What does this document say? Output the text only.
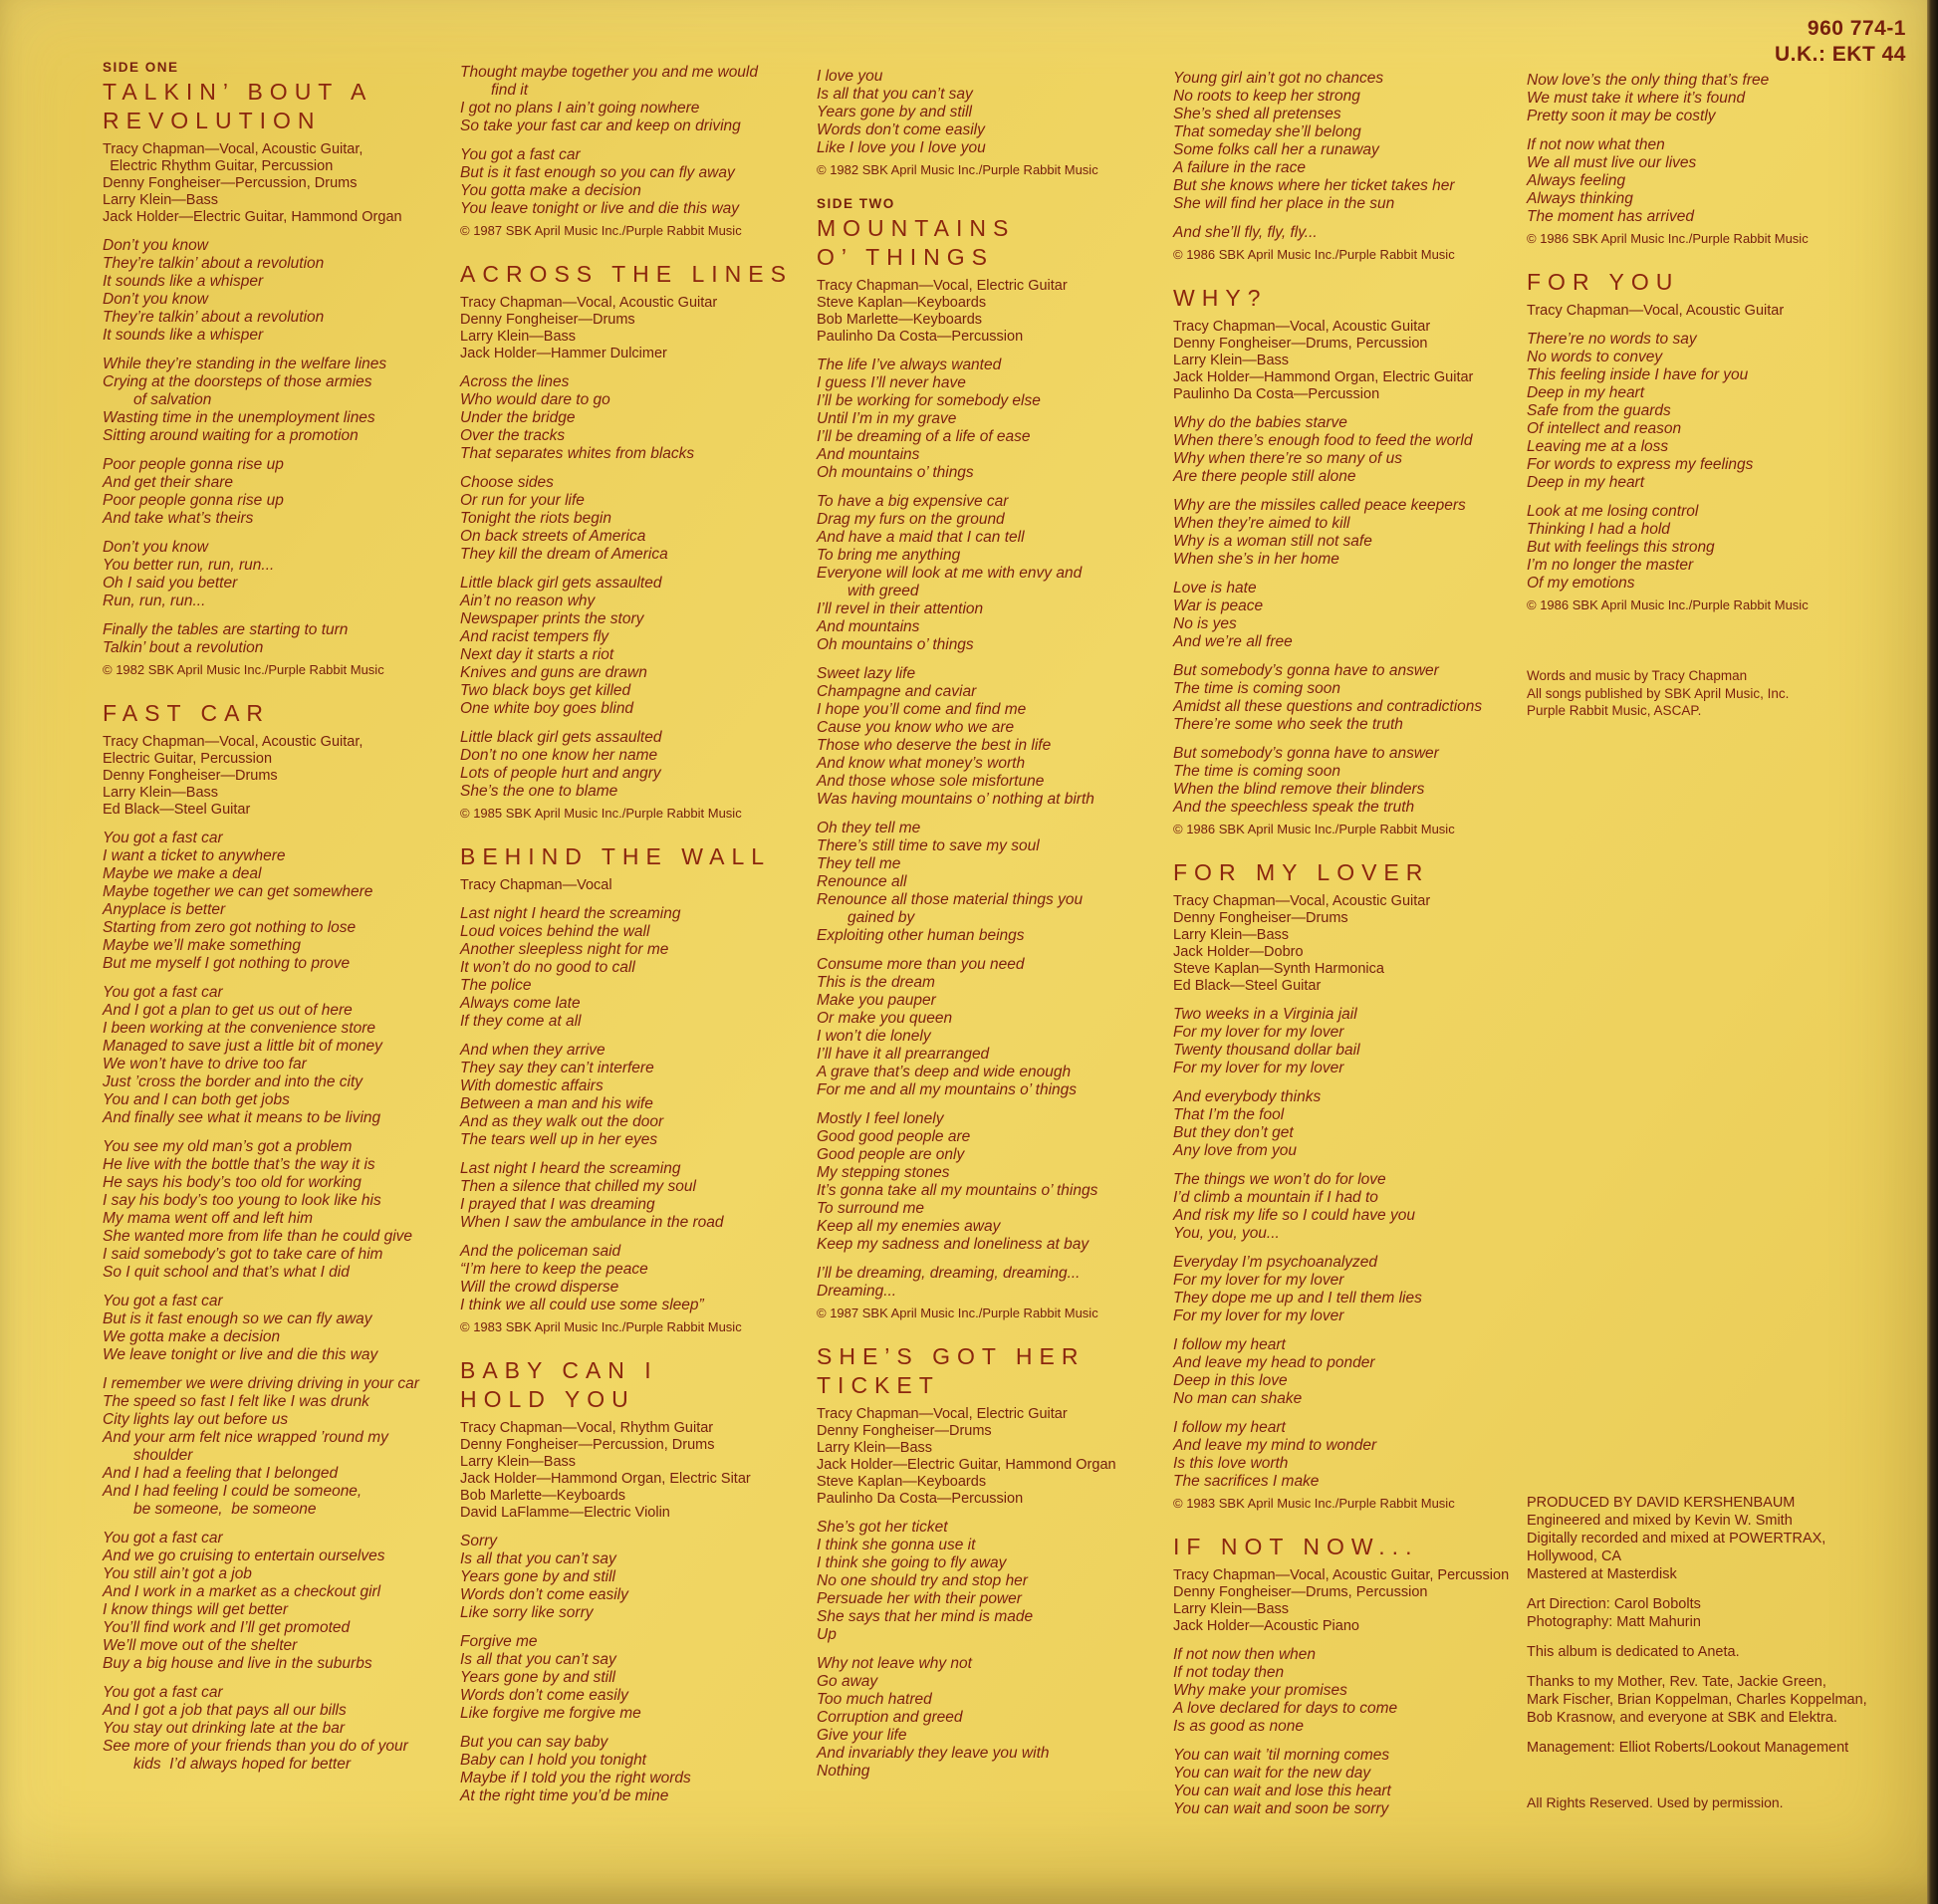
960 774-1
U.K.: EKT 44
SIDE ONE
TALKIN’ BOUT A
REVOLUTION
Tracy Chapman—Vocal, Acoustic Guitar,
 Electric Rhythm Guitar, Percussion
Denny Fongheiser—Percussion, Drums
Larry Klein—Bass
Jack Holder—Electric Guitar, Hammond Organ
Don’t you know
They’re talkin’ about a revolution
It sounds like a whisper
Don’t you know
They’re talkin’ about a revolution
It sounds like a whisper
While they’re standing in the welfare lines
Crying at the doorsteps of those armies
  of salvation
Wasting time in the unemployment lines
Sitting around waiting for a promotion
Poor people gonna rise up
And get their share
Poor people gonna rise up
And take what’s theirs
Don’t you know
You better run, run, run...
Oh I said you better
Run, run, run...
Finally the tables are starting to turn
Talkin’ bout a revolution
© 1982 SBK April Music Inc./Purple Rabbit Music
FAST CAR
Tracy Chapman—Vocal, Acoustic Guitar,
Electric Guitar, Percussion
Denny Fongheiser—Drums
Larry Klein—Bass
Ed Black—Steel Guitar
You got a fast car
I want a ticket to anywhere
Maybe we make a deal
Maybe together we can get somewhere
Anyplace is better
Starting from zero got nothing to lose
Maybe we’ll make something
But me myself I got nothing to prove
You got a fast car
And I got a plan to get us out of here
I been working at the convenience store
Managed to save just a little bit of money
We won’t have to drive too far
Just ’cross the border and into the city
You and I can both get jobs
And finally see what it means to be living
You see my old man’s got a problem
He live with the bottle that’s the way it is
He says his body’s too old for working
I say his body’s too young to look like his
My mama went off and left him
She wanted more from life than he could give
I said somebody’s got to take care of him
So I quit school and that’s what I did
You got a fast car
But is it fast enough so we can fly away
We gotta make a decision
We leave tonight or live and die this way
I remember we were driving driving in your car
The speed so fast I felt like I was drunk
City lights lay out before us
And your arm felt nice wrapped ’round my
  shoulder
And I had a feeling that I belonged
And I had feeling I could be someone,
  be someone,  be someone
You got a fast car
And we go cruising to entertain ourselves
You still ain’t got a job
And I work in a market as a checkout girl
I know things will get better
You’ll find work and I’ll get promoted
We’ll move out of the shelter
Buy a big house and live in the suburbs
You got a fast car
And I got a job that pays all our bills
You stay out drinking late at the bar
See more of your friends than you do of your
  kids  I’d always hoped for better
Thought maybe together you and me would
  find it
I got no plans I ain’t going nowhere
So take your fast car and keep on driving
You got a fast car
But is it fast enough so you can fly away
You gotta make a decision
You leave tonight or live and die this way
© 1987 SBK April Music Inc./Purple Rabbit Music
ACROSS THE LINES
Tracy Chapman—Vocal, Acoustic Guitar
Denny Fongheiser—Drums
Larry Klein—Bass
Jack Holder—Hammer Dulcimer
Across the lines
Who would dare to go
Under the bridge
Over the tracks
That separates whites from blacks
Choose sides
Or run for your life
Tonight the riots begin
On back streets of America
They kill the dream of America
Little black girl gets assaulted
Ain’t no reason why
Newspaper prints the story
And racist tempers fly
Next day it starts a riot
Knives and guns are drawn
Two black boys get killed
One white boy goes blind
Little black girl gets assaulted
Don’t no one know her name
Lots of people hurt and angry
She’s the one to blame
© 1985 SBK April Music Inc./Purple Rabbit Music
BEHIND THE WALL
Tracy Chapman—Vocal
Last night I heard the screaming
Loud voices behind the wall
Another sleepless night for me
It won’t do no good to call
The police
Always come late
If they come at all
And when they arrive
They say they can’t interfere
With domestic affairs
Between a man and his wife
And as they walk out the door
The tears well up in her eyes
Last night I heard the screaming
Then a silence that chilled my soul
I prayed that I was dreaming
When I saw the ambulance in the road
And the policeman said
“I’m here to keep the peace
Will the crowd disperse
I think we all could use some sleep”
© 1983 SBK April Music Inc./Purple Rabbit Music
BABY CAN I
HOLD YOU
Tracy Chapman—Vocal, Rhythm Guitar
Denny Fongheiser—Percussion, Drums
Larry Klein—Bass
Jack Holder—Hammond Organ, Electric Sitar
Bob Marlette—Keyboards
David LaFlamme—Electric Violin
Sorry
Is all that you can’t say
Years gone by and still
Words don’t come easily
Like sorry like sorry
Forgive me
Is all that you can’t say
Years gone by and still
Words don’t come easily
Like forgive me forgive me
But you can say baby
Baby can I hold you tonight
Maybe if I told you the right words
At the right time you’d be mine
I love you
Is all that you can’t say
Years gone by and still
Words don’t come easily
Like I love you I love you
© 1982 SBK April Music Inc./Purple Rabbit Music
SIDE TWO
MOUNTAINS
O’ THINGS
Tracy Chapman—Vocal, Electric Guitar
Steve Kaplan—Keyboards
Bob Marlette—Keyboards
Paulinho Da Costa—Percussion
The life I’ve always wanted
I guess I’ll never have
I’ll be working for somebody else
Until I’m in my grave
I’ll be dreaming of a life of ease
And mountains
Oh mountains o’ things
To have a big expensive car
Drag my furs on the ground
And have a maid that I can tell
To bring me anything
Everyone will look at me with envy and
  with greed
I’ll revel in their attention
And mountains
Oh mountains o’ things
Sweet lazy life
Champagne and caviar
I hope you’ll come and find me
Cause you know who we are
Those who deserve the best in life
And know what money’s worth
And those whose sole misfortune
Was having mountains o’ nothing at birth
Oh they tell me
There’s still time to save my soul
They tell me
Renounce all
Renounce all those material things you
  gained by
Exploiting other human beings
Consume more than you need
This is the dream
Make you pauper
Or make you queen
I won’t die lonely
I’ll have it all prearranged
A grave that’s deep and wide enough
For me and all my mountains o’ things
Mostly I feel lonely
Good good people are
Good people are only
My stepping stones
It’s gonna take all my mountains o’ things
To surround me
Keep all my enemies away
Keep my sadness and loneliness at bay
I’ll be dreaming, dreaming, dreaming...
Dreaming...
© 1987 SBK April Music Inc./Purple Rabbit Music
SHE’S GOT HER
TICKET
Tracy Chapman—Vocal, Electric Guitar
Denny Fongheiser—Drums
Larry Klein—Bass
Jack Holder—Electric Guitar, Hammond Organ
Steve Kaplan—Keyboards
Paulinho Da Costa—Percussion
She’s got her ticket
I think she gonna use it
I think she going to fly away
No one should try and stop her
Persuade her with their power
She says that her mind is made
Up
Why not leave why not
Go away
Too much hatred
Corruption and greed
Give your life
And invariably they leave you with
Nothing
Young girl ain’t got no chances
No roots to keep her strong
She’s shed all pretenses
That someday she’ll belong
Some folks call her a runaway
A failure in the race
But she knows where her ticket takes her
She will find her place in the sun
And she’ll fly, fly, fly...
© 1986 SBK April Music Inc./Purple Rabbit Music
WHY?
Tracy Chapman—Vocal, Acoustic Guitar
Denny Fongheiser—Drums, Percussion
Larry Klein—Bass
Jack Holder—Hammond Organ, Electric Guitar
Paulinho Da Costa—Percussion
Why do the babies starve
When there’s enough food to feed the world
Why when there’re so many of us
Are there people still alone
Why are the missiles called peace keepers
When they’re aimed to kill
Why is a woman still not safe
When she’s in her home
Love is hate
War is peace
No is yes
And we’re all free
But somebody’s gonna have to answer
The time is coming soon
Amidst all these questions and contradictions
There’re some who seek the truth
But somebody’s gonna have to answer
The time is coming soon
When the blind remove their blinders
And the speechless speak the truth
© 1986 SBK April Music Inc./Purple Rabbit Music
FOR MY LOVER
Tracy Chapman—Vocal, Acoustic Guitar
Denny Fongheiser—Drums
Larry Klein—Bass
Jack Holder—Dobro
Steve Kaplan—Synth Harmonica
Ed Black—Steel Guitar
Two weeks in a Virginia jail
For my lover for my lover
Twenty thousand dollar bail
For my lover for my lover
And everybody thinks
That I’m the fool
But they don’t get
Any love from you
The things we won’t do for love
I’d climb a mountain if I had to
And risk my life so I could have you
You, you, you...
Everyday I’m psychoanalyzed
For my lover for my lover
They dope me up and I tell them lies
For my lover for my lover
I follow my heart
And leave my head to ponder
Deep in this love
No man can shake
I follow my heart
And leave my mind to wonder
Is this love worth
The sacrifices I make
© 1983 SBK April Music Inc./Purple Rabbit Music
IF NOT NOW...
Tracy Chapman—Vocal, Acoustic Guitar, Percussion
Denny Fongheiser—Drums, Percussion
Larry Klein—Bass
Jack Holder—Acoustic Piano
If not now then when
If not today then
Why make your promises
A love declared for days to come
Is as good as none
You can wait ’til morning comes
You can wait for the new day
You can wait and lose this heart
You can wait and soon be sorry
Now love’s the only thing that’s free
We must take it where it’s found
Pretty soon it may be costly
If not now what then
We all must live our lives
Always feeling
Always thinking
The moment has arrived
© 1986 SBK April Music Inc./Purple Rabbit Music
FOR YOU
Tracy Chapman—Vocal, Acoustic Guitar
There’re no words to say
No words to convey
This feeling inside I have for you
Deep in my heart
Safe from the guards
Of intellect and reason
Leaving me at a loss
For words to express my feelings
Deep in my heart
Look at me losing control
Thinking I had a hold
But with feelings this strong
I’m no longer the master
Of my emotions
© 1986 SBK April Music Inc./Purple Rabbit Music
Words and music by Tracy Chapman
All songs published by SBK April Music, Inc.
Purple Rabbit Music, ASCAP.
PRODUCED BY DAVID KERSHENBAUM
Engineered and mixed by Kevin W. Smith
Digitally recorded and mixed at POWERTRAX,
Hollywood, CA
Mastered at Masterdisk
Art Direction: Carol Bobolts
Photography: Matt Mahurin
This album is dedicated to Aneta.
Thanks to my Mother, Rev. Tate, Jackie Green,
Mark Fischer, Brian Koppelman, Charles Koppelman,
Bob Krasnow, and everyone at SBK and Elektra.
Management: Elliot Roberts/Lookout Management
All Rights Reserved. Used by permission.
